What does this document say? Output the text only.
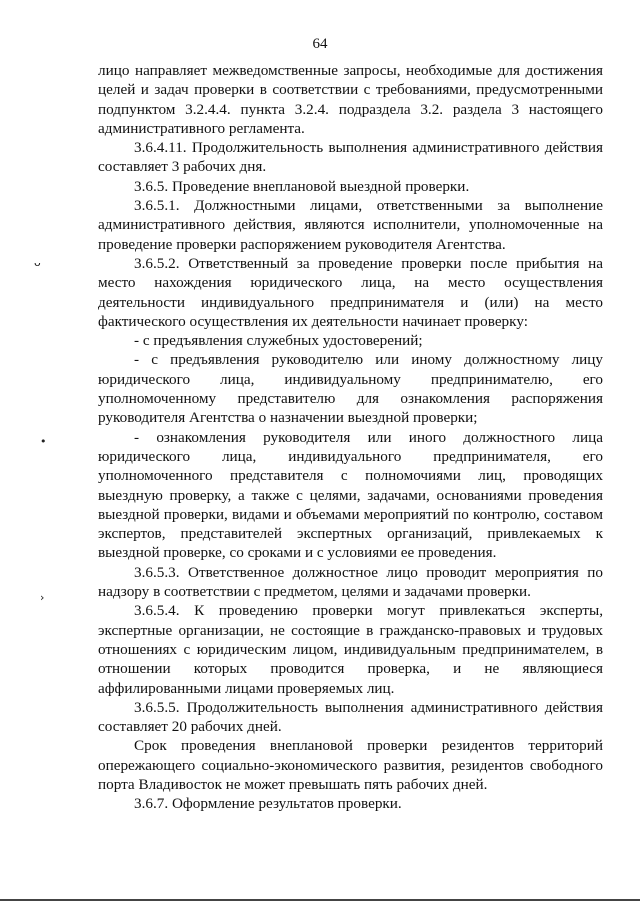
64

лицо направляет межведомственные запросы, необходимые для достижения целей и задач проверки в соответствии с требованиями, предусмотренными подпунктом 3.2.4.4. пункта 3.2.4. подраздела 3.2. раздела 3 настоящего административного регламента.

3.6.4.11. Продолжительность выполнения административного действия составляет 3 рабочих дня.

3.6.5. Проведение внеплановой выездной проверки.

3.6.5.1. Должностными лицами, ответственными за выполнение административного действия, являются исполнители, уполномоченные на проведение проверки распоряжением руководителя Агентства.

3.6.5.2. Ответственный за проведение проверки после прибытия на место нахождения юридического лица, на место осуществления деятельности индивидуального предпринимателя и (или) на место фактического осуществления их деятельности начинает проверку:

- с предъявления служебных удостоверений;

- с предъявления руководителю или иному должностному лицу юридического лица, индивидуальному предпринимателю, его уполномоченному представителю для ознакомления распоряжения руководителя Агентства о назначении выездной проверки;

- ознакомления руководителя или иного должностного лица юридического лица, индивидуального предпринимателя, его уполномоченного представителя с полномочиями лиц, проводящих выездную проверку, а также с целями, задачами, основаниями проведения выездной проверки, видами и объемами мероприятий по контролю, составом экспертов, представителей экспертных организаций, привлекаемых к выездной проверке, со сроками и с условиями ее проведения.

3.6.5.3. Ответственное должностное лицо проводит мероприятия по надзору в соответствии с предметом, целями и задачами проверки.

3.6.5.4. К проведению проверки могут привлекаться эксперты, экспертные организации, не состоящие в гражданско-правовых и трудовых отношениях с юридическим лицом, индивидуальным предпринимателем, в отношении которых проводится проверка, и не являющиеся аффилированными лицами проверяемых лиц.

3.6.5.5. Продолжительность выполнения административного действия составляет 20 рабочих дней.

Срок проведения внеплановой проверки резидентов территорий опережающего социально-экономического развития, резидентов свободного порта Владивосток не может превышать пять рабочих дней.

3.6.7. Оформление результатов проверки.

ᴗ
•
›
